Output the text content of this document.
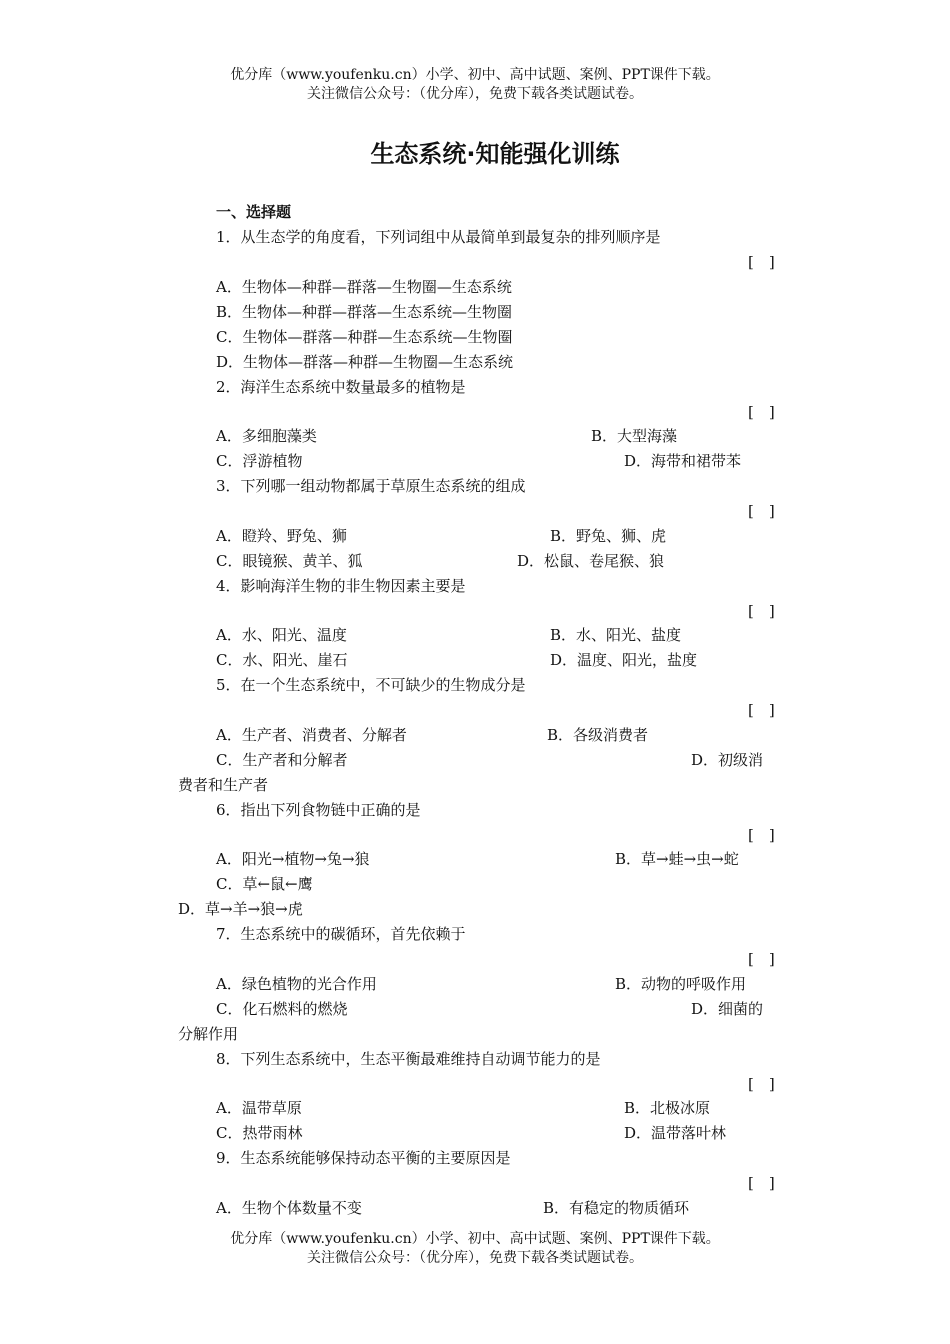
优分库（www.youfenku.cn）小学、初中、高中试题、案例、PPT课件下载。
关注微信公众号：（优分库），免费下载各类试题试卷。
生态系统·知能强化训练
一、选择题
1．从生态学的角度看，下列词组中从最简单到最复杂的排列顺序是
[　]
A．生物体—种群—群落—生物圈—生态系统
B．生物体—种群—群落—生态系统—生物圈
C．生物体—群落—种群—生态系统—生物圈
D．生物体—群落—种群—生物圈—生态系统
2．海洋生态系统中数量最多的植物是
[　]
A．多细胞藻类	B．大型海藻
C．浮游植物	D．海带和裙带苯
3．下列哪一组动物都属于草原生态系统的组成
[　]
A．瞪羚、野兔、狮	B．野兔、狮、虎
C．眼镜猴、黄羊、狐	D．松鼠、卷尾猴、狼
4．影响海洋生物的非生物因素主要是
[　]
A．水、阳光、温度	B．水、阳光、盐度
C．水、阳光、崖石	D．温度、阳光，盐度
5．在一个生态系统中，不可缺少的生物成分是
[　]
A．生产者、消费者、分解者	B．各级消费者
C．生产者和分解者	D．初级消
费者和生产者
6．指出下列食物链中正确的是
[　]
A．阳光→植物→兔→狼	B．草→蛙→虫→蛇
C．草←鼠←鹰
D．草→羊→狼→虎
7．生态系统中的碳循环，首先依赖于
[　]
A．绿色植物的光合作用	B．动物的呼吸作用
C．化石燃料的燃烧	D．细菌的
分解作用
8．下列生态系统中，生态平衡最难维持自动调节能力的是
[　]
A．温带草原	B．北极冰原
C．热带雨林	D．温带落叶林
9．生态系统能够保持动态平衡的主要原因是
[　]
A．生物个体数量不变	B．有稳定的物质循环
优分库（www.youfenku.cn）小学、初中、高中试题、案例、PPT课件下载。
关注微信公众号：（优分库），免费下载各类试题试卷。
